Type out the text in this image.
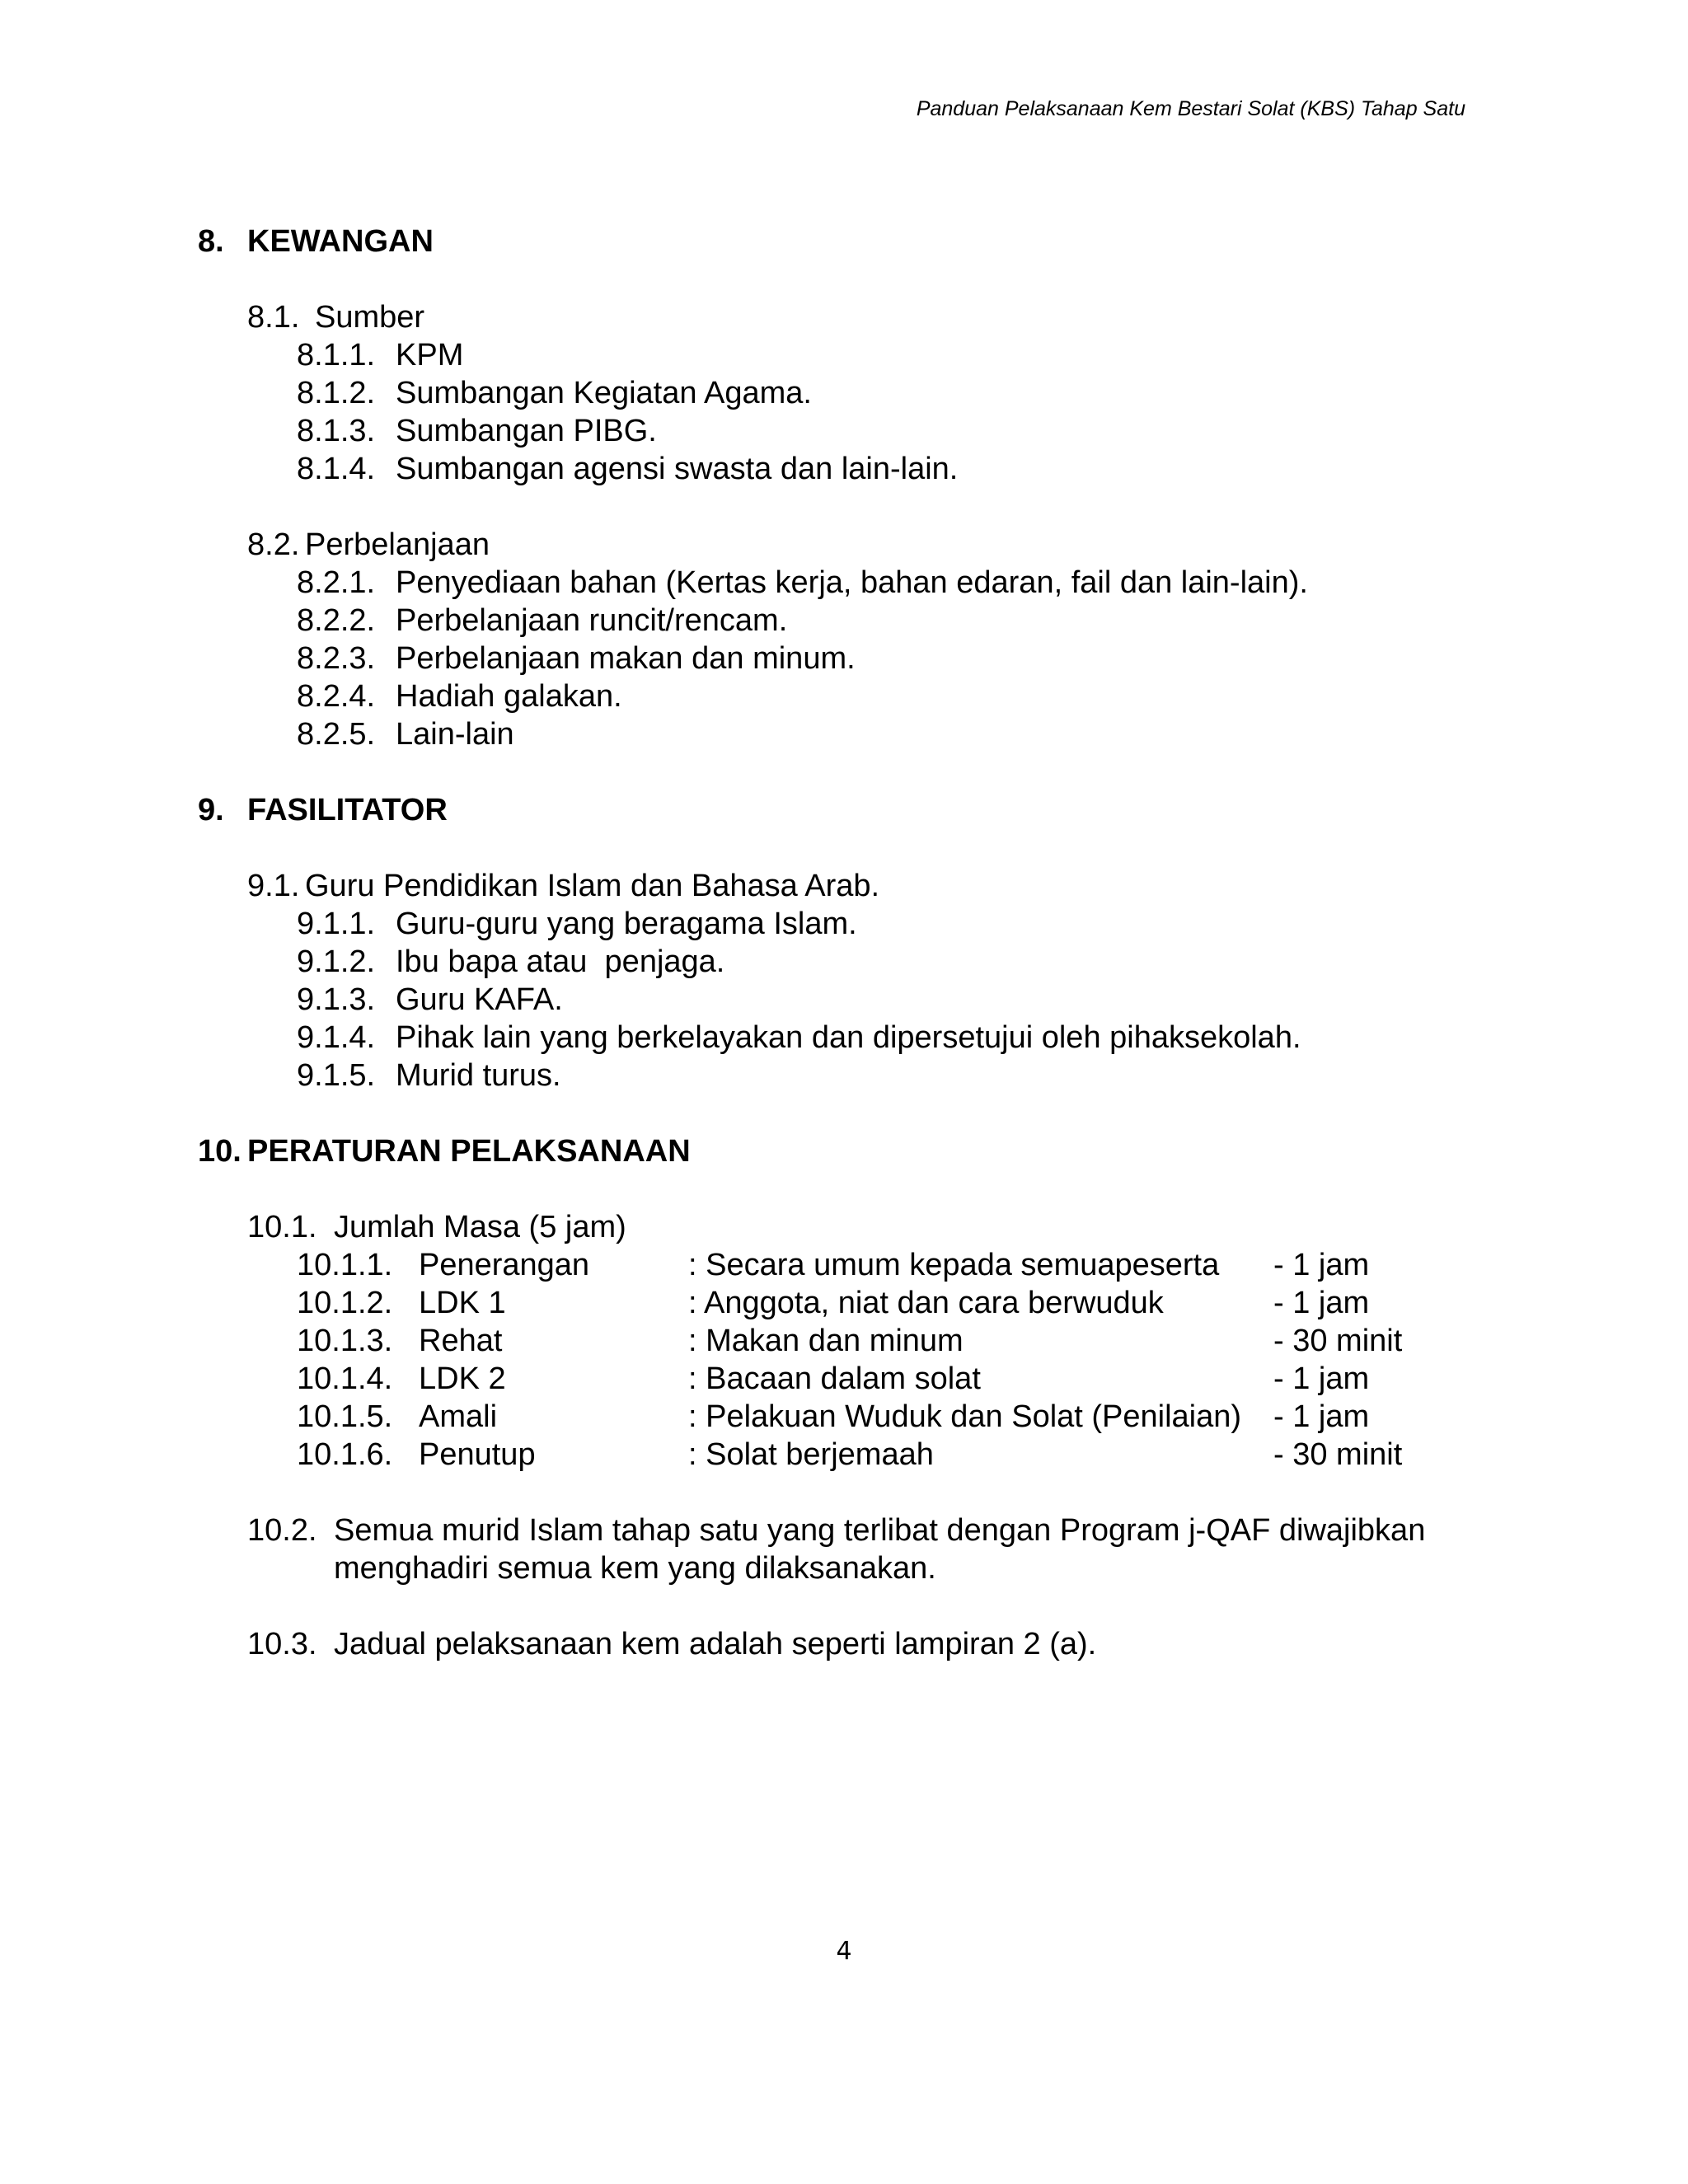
Panduan Pelaksanaan Kem Bestari Solat (KBS) Tahap Satu
8. KEWANGAN
8.1. Sumber
8.1.1. KPM
8.1.2. Sumbangan Kegiatan Agama.
8.1.3. Sumbangan PIBG.
8.1.4. Sumbangan agensi swasta dan lain-lain.
8.2. Perbelanjaan
8.2.1. Penyediaan bahan (Kertas kerja, bahan edaran, fail dan lain-lain).
8.2.2. Perbelanjaan runcit/rencam.
8.2.3. Perbelanjaan makan dan minum.
8.2.4. Hadiah galakan.
8.2.5. Lain-lain
9. FASILITATOR
9.1. Guru Pendidikan Islam dan Bahasa Arab.
9.1.1. Guru-guru yang beragama Islam.
9.1.2. Ibu bapa atau  penjaga.
9.1.3. Guru KAFA.
9.1.4. Pihak lain yang berkelayakan dan dipersetujui oleh pihaksekolah.
9.1.5. Murid turus.
10. PERATURAN PELAKSANAAN
10.1. Jumlah Masa (5 jam)
10.1.1. Penerangan	: Secara umum kepada semuapeserta - 1 jam
10.1.2. LDK 1	: Anggota, niat dan cara berwuduk	- 1 jam
10.1.3. Rehat	: Makan dan minum	- 30 minit
10.1.4. LDK 2	: Bacaan dalam solat	- 1 jam
10.1.5. Amali	: Pelakuan Wuduk dan Solat (Penilaian) - 1 jam
10.1.6. Penutup	: Solat berjemaah	- 30 minit
10.2. Semua murid Islam tahap satu yang terlibat dengan Program j-QAF diwajibkan menghadiri semua kem yang dilaksanakan.
10.3. Jadual pelaksanaan kem adalah seperti lampiran 2 (a).
4
